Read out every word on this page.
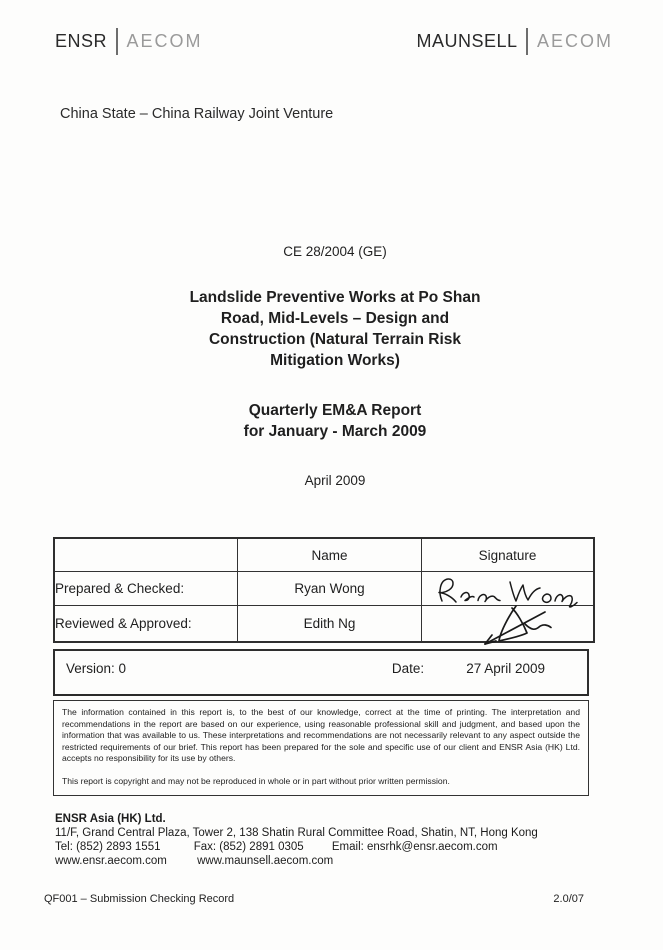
ENSR AECOM	MAUNSELL AECOM
China State – China Railway Joint Venture
CE 28/2004 (GE)
Landslide Preventive Works at Po Shan
Road, Mid-Levels – Design and
Construction (Natural Terrain Risk
Mitigation Works)
Quarterly EM&A Report
for January - March 2009
April 2009
	Name	Signature
Prepared & Checked:	Ryan Wong	

Reviewed & Approved:	Edith Ng	
Version: 0	Date:	27 April 2009

The information contained in this report is, to the best of our knowledge, correct at the time of printing. The interpretation and recommendations in the report are based on our experience, using reasonable professional skill and judgment, and based upon the information that was available to us. These interpretations and recommendations are not necessarily relevant to any aspect outside the restricted requirements of our brief. This report has been prepared for the sole and specific use of our client and ENSR Asia (HK) Ltd. accepts no responsibility for its use by others.

This report is copyright and may not be reproduced in whole or in part without prior written permission.

ENSR Asia (HK) Ltd.
11/F, Grand Central Plaza, Tower 2, 138 Shatin Rural Committee Road, Shatin, NT, Hong Kong
Tel: (852) 2893 1551	Fax: (852) 2891 0305 Email: ensrhk@ensr.aecom.com
www.ensr.aecom.com	www.maunsell.aecom.com
QF001 – Submission Checking Record	2.0/07
